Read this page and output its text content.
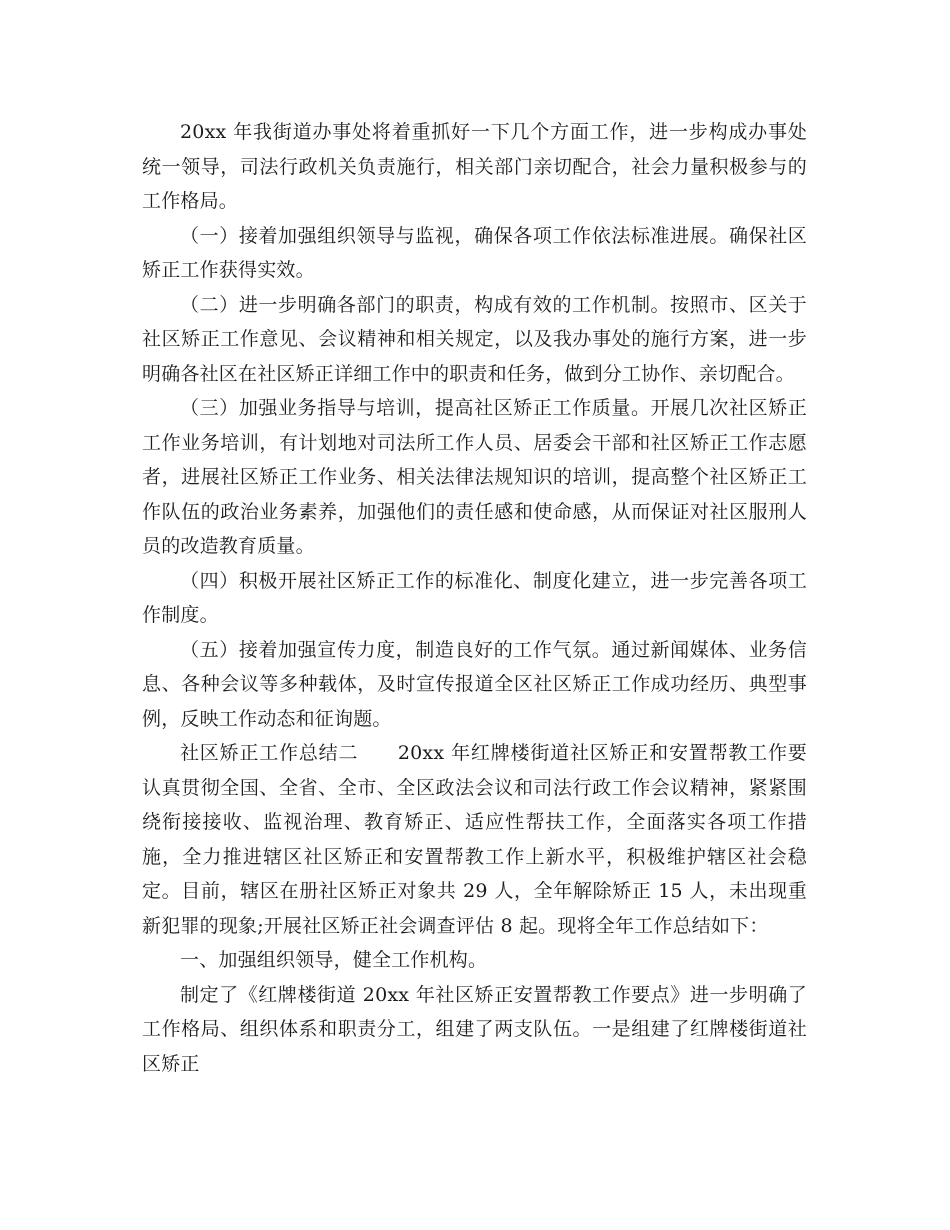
20xx 年我街道办事处将着重抓好一下几个方面工作，进一步构成办事处统一领导，司法行政机关负责施行，相关部门亲切配合，社会力量积极参与的工作格局。

（一）接着加强组织领导与监视，确保各项工作依法标准进展。确保社区矫正工作获得实效。

（二）进一步明确各部门的职责，构成有效的工作机制。按照市、区关于社区矫正工作意见、会议精神和相关规定，以及我办事处的施行方案，进一步明确各社区在社区矫正详细工作中的职责和任务，做到分工协作、亲切配合。

（三）加强业务指导与培训，提高社区矫正工作质量。开展几次社区矫正工作业务培训，有计划地对司法所工作人员、居委会干部和社区矫正工作志愿者，进展社区矫正工作业务、相关法律法规知识的培训，提高整个社区矫正工作队伍的政治业务素养，加强他们的责任感和使命感，从而保证对社区服刑人员的改造教育质量。

（四）积极开展社区矫正工作的标准化、制度化建立，进一步完善各项工作制度。

（五）接着加强宣传力度，制造良好的工作气氛。通过新闻媒体、业务信息、各种会议等多种载体，及时宣传报道全区社区矫正工作成功经历、典型事例，反映工作动态和征询题。

社区矫正工作总结二　　20xx 年红牌楼街道社区矫正和安置帮教工作要认真贯彻全国、全省、全市、全区政法会议和司法行政工作会议精神，紧紧围绕衔接接收、监视治理、教育矫正、适应性帮扶工作，全面落实各项工作措施，全力推进辖区社区矫正和安置帮教工作上新水平，积极维护辖区社会稳定。目前，辖区在册社区矫正对象共 29 人，全年解除矫正 15 人，未出现重新犯罪的现象;开展社区矫正社会调查评估 8 起。现将全年工作总结如下：

一、加强组织领导，健全工作机构。

制定了《红牌楼街道 20xx 年社区矫正安置帮教工作要点》进一步明确了工作格局、组织体系和职责分工，组建了两支队伍。一是组建了红牌楼街道社区矫正
